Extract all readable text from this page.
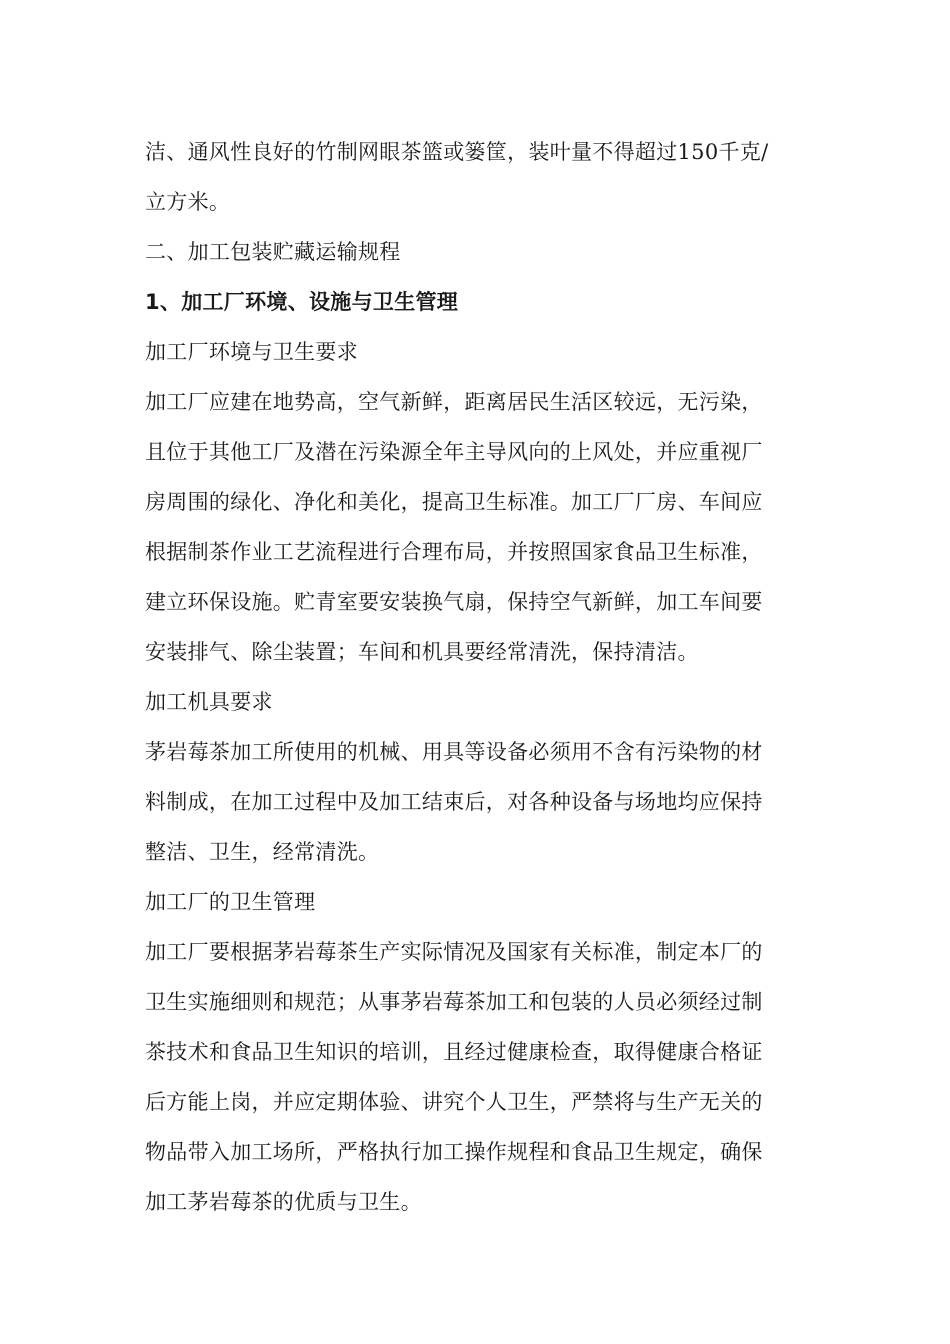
洁、通风性良好的竹制网眼茶篮或篓筐，装叶量不得超过150千克/
立方米。
二、加工包装贮藏运输规程
1、加工厂环境、设施与卫生管理
加工厂环境与卫生要求
加工厂应建在地势高，空气新鲜，距离居民生活区较远，无污染，
且位于其他工厂及潜在污染源全年主导风向的上风处，并应重视厂
房周围的绿化、净化和美化，提高卫生标准。加工厂厂房、车间应
根据制茶作业工艺流程进行合理布局，并按照国家食品卫生标准，
建立环保设施。贮青室要安装换气扇，保持空气新鲜，加工车间要
安装排气、除尘装置；车间和机具要经常清洗，保持清洁。
加工机具要求
茅岩莓茶加工所使用的机械、用具等设备必须用不含有污染物的材
料制成，在加工过程中及加工结束后，对各种设备与场地均应保持
整洁、卫生，经常清洗。
加工厂的卫生管理
加工厂要根据茅岩莓茶生产实际情况及国家有关标准，制定本厂的
卫生实施细则和规范；从事茅岩莓茶加工和包装的人员必须经过制
茶技术和食品卫生知识的培训，且经过健康检查，取得健康合格证
后方能上岗，并应定期体验、讲究个人卫生，严禁将与生产无关的
物品带入加工场所，严格执行加工操作规程和食品卫生规定，确保
加工茅岩莓茶的优质与卫生。
